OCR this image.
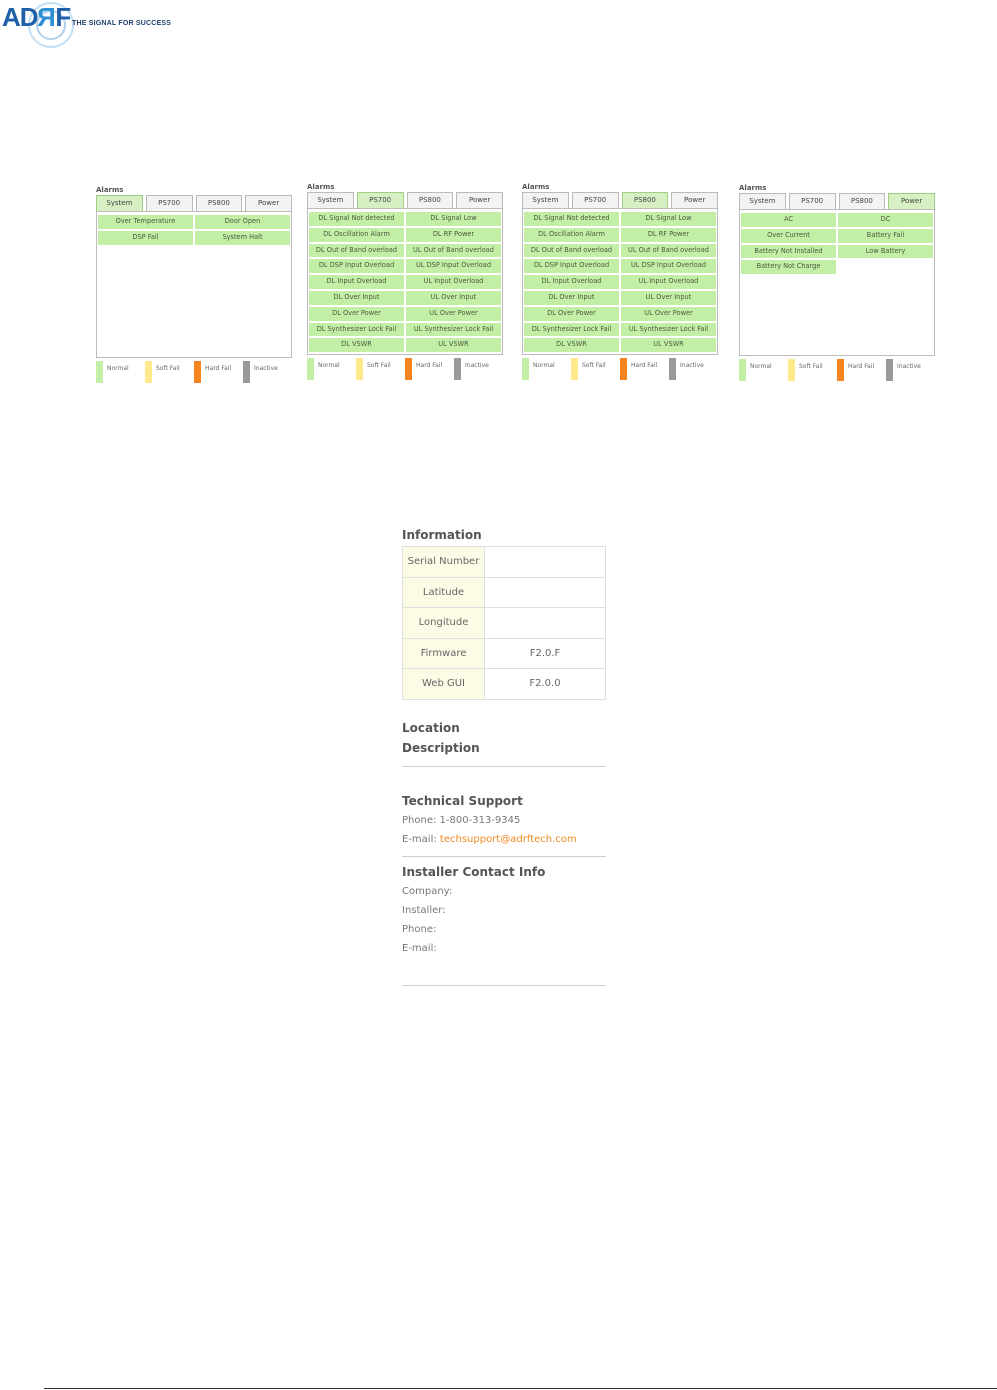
ADRF THE SIGNAL FOR SUCCESS
Alarms
System	PS700	PS800	Power
Over Temperature	Door Open
DSP Fail	System Halt
Normal	Soft Fail	Hard Fail	Inactive
Alarms
System	PS700	PS800	Power
DL Signal Not detected	DL Signal Low
DL Oscillation Alarm	DL RF Power
DL Out of Band overload	UL Out of Band overload
DL DSP Input Overload	UL DSP Input Overload
DL Input Overload	UL Input Overload
DL Over Input	UL Over Input
DL Over Power	UL Over Power
DL Synthesizer Lock Fail	UL Synthesizer Lock Fail
DL VSWR	UL VSWR
Normal	Soft Fail	Hard Fail	Inactive
Alarms
System	PS700	PS800	Power
DL Signal Not detected	DL Signal Low
DL Oscillation Alarm	DL RF Power
DL Out of Band overload	UL Out of Band overload
DL DSP Input Overload	UL DSP Input Overload
DL Input Overload	UL Input Overload
DL Over Input	UL Over Input
DL Over Power	UL Over Power
DL Synthesizer Lock Fail	UL Synthesizer Lock Fail
DL VSWR	UL VSWR
Normal	Soft Fail	Hard Fail	Inactive
Alarms
System	PS700	PS800	Power
AC	DC
Over Current	Battery Fail
Battery Not Installed	Low Battery
Battery Not Charge
Normal	Soft Fail	Hard Fail	Inactive
Information
Serial Number	
Latitude	
Longitude	
Firmware	F2.0.F
Web GUI	F2.0.0
Location
Description
Technical Support
Phone: 1-800-313-9345
E-mail: techsupport@adrftech.com
Installer Contact Info
Company:
Installer:
Phone:
E-mail:
